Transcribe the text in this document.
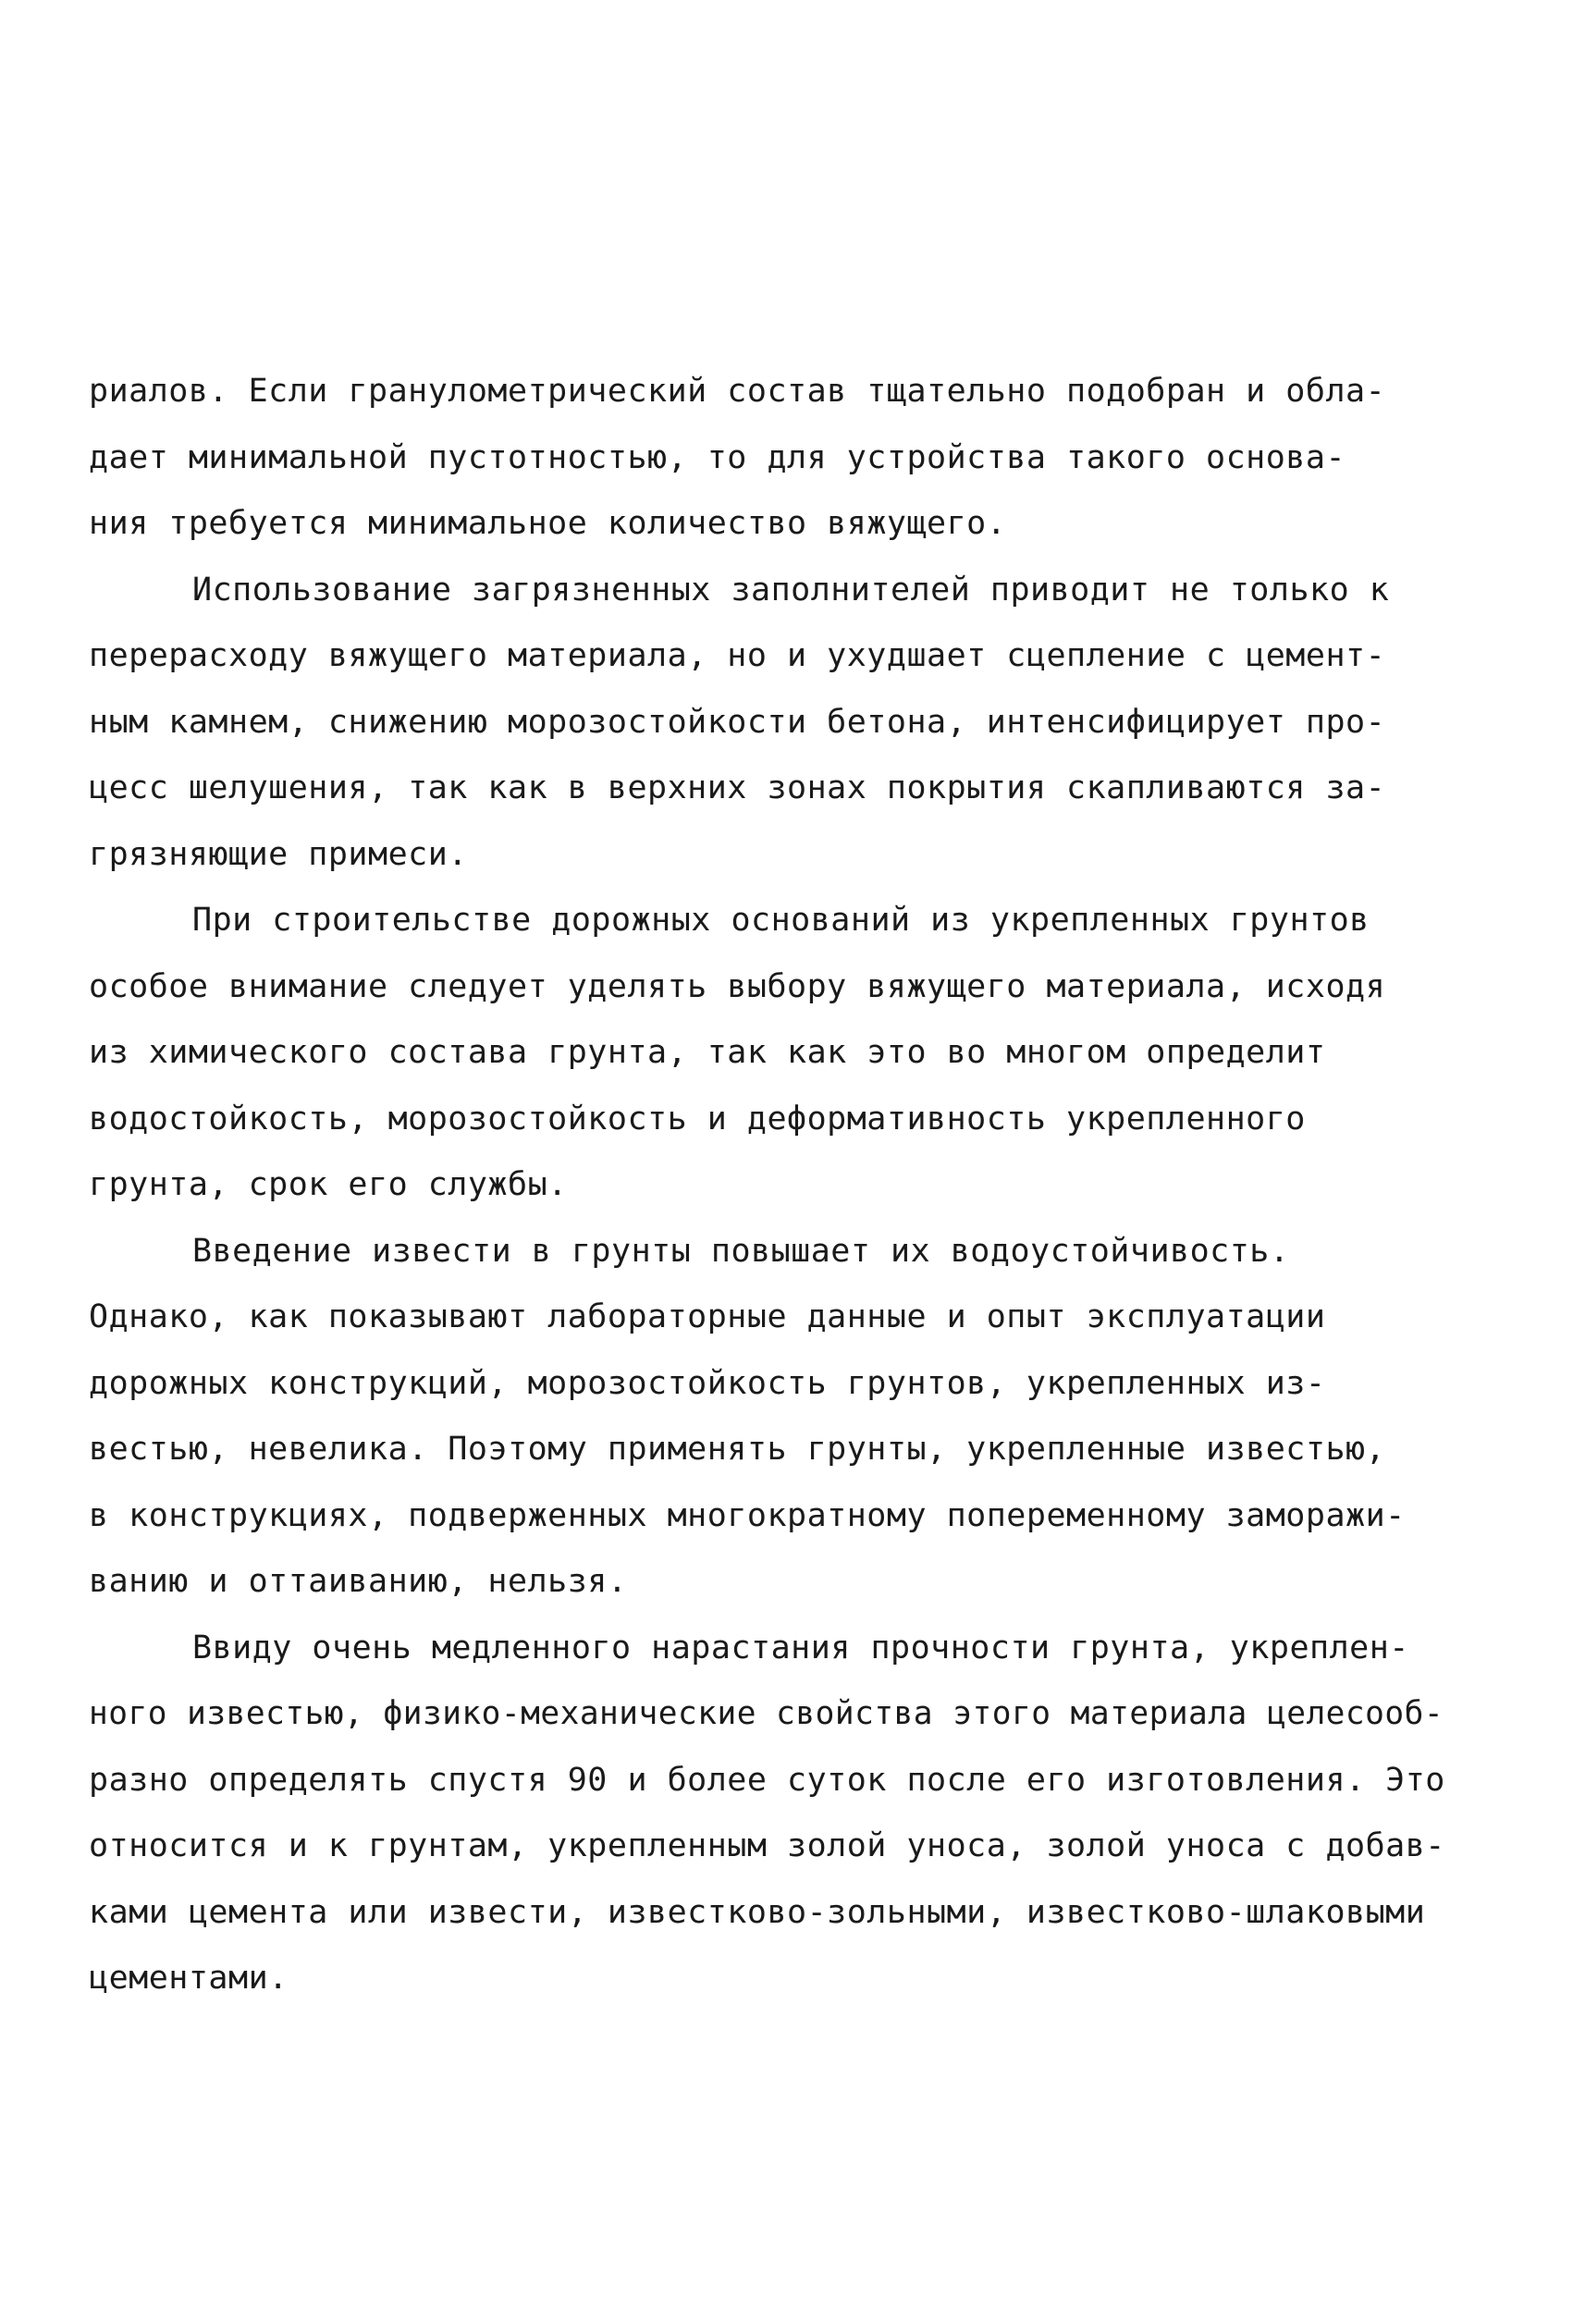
риалов. Если гранулометрический состав тщательно подобран и обла-
дает минимальной пустотностью, то для устройства такого основа-
ния требуется минимальное количество вяжущего.
Использование загрязненных заполнителей приводит не только к
перерасходу вяжущего материала, но и ухудшает сцепление с цемент-
ным камнем, снижению морозостойкости бетона, интенсифицирует про-
цесс шелушения, так как в верхних зонах покрытия скапливаются за-
грязняющие примеси.
При строительстве дорожных оснований из укрепленных грунтов
особое внимание следует уделять выбору вяжущего материала, исходя
из химического состава грунта, так как это во многом определит
водостойкость, морозостойкость и деформативность укрепленного
грунта, срок его службы.
Введение извести в грунты повышает их водоустойчивость.
Однако, как показывают лабораторные данные и опыт эксплуатации
дорожных конструкций, морозостойкость грунтов, укрепленных из-
вестью, невелика. Поэтому применять грунты, укрепленные известью,
в конструкциях, подверженных многократному попеременному заморажи-
ванию и оттаиванию, нельзя.
Ввиду очень медленного нарастания прочности грунта, укреплен-
ного известью, физико-механические свойства этого материала целесооб-
разно определять спустя 90 и более суток после его изготовления. Это
относится и к грунтам, укрепленным золой уноса, золой уноса с добав-
ками цемента или извести, известково-зольными, известково-шлаковыми
цементами.
